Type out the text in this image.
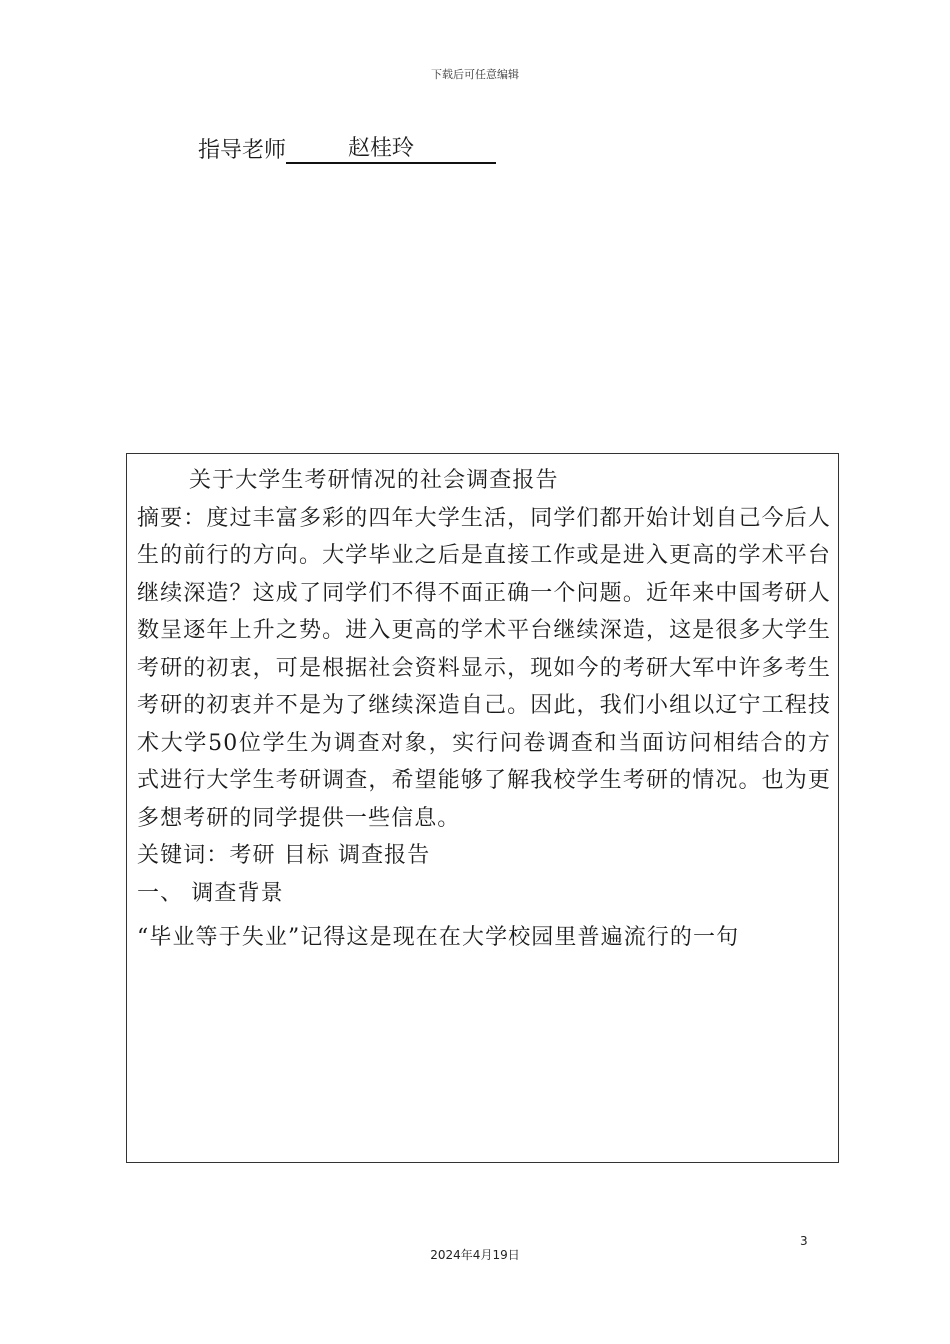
下载后可任意编辑
指导老师	赵桂玲

关于大学生考研情况的社会调查报告

摘要：度过丰富多彩的四年大学生活，同学们都开始计划自己今后人生的前行的方向。大学毕业之后是直接工作或是进入更高的学术平台继续深造？这成了同学们不得不面正确一个问题。近年来中国考研人数呈逐年上升之势。进入更高的学术平台继续深造，这是很多大学生考研的初衷，可是根据社会资料显示，现如今的考研大军中许多考生考研的初衷并不是为了继续深造自己。因此，我们小组以辽宁工程技术大学50位学生为调查对象，实行问卷调查和当面访问相结合的方式进行大学生考研调查，希望能够了解我校学生考研的情况。也为更多想考研的同学提供一些信息。

关键词：考研 目标 调查报告

一、 调查背景

“毕业等于失业”记得这是现在在大学校园里普遍流行的一句

3
2024年4月19日
